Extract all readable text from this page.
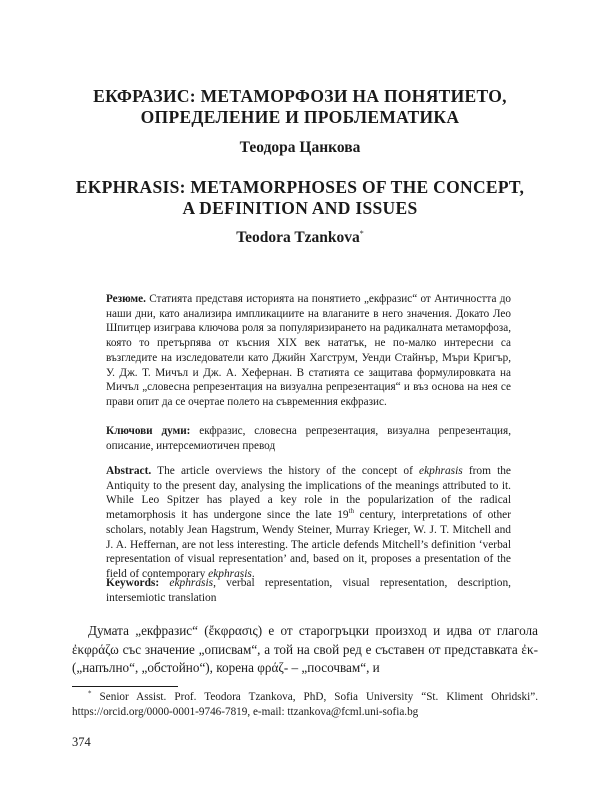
ЕКФРАЗИС: МЕТАМОРФОЗИ НА ПОНЯТИЕТО,
ОПРЕДЕЛЕНИЕ И ПРОБЛЕМАТИКА
Теодора Цанкова
EKPHRASIS: METAMORPHOSES OF THE CONCEPT,
A DEFINITION AND ISSUES
Teodora Tzankova*
Резюме. Статията представя историята на понятието „екфразис“ от Античността до наши дни, като анализира импликациите на влаганите в него значения. Докато Лео Шпитцер изиграва ключова роля за популяризирането на радикалната метаморфоза, която то претърпява от късния XIX век нататък, не по-малко интересни са възгледите на изследователи като Джийн Хагструм, Уенди Стайнър, Мъри Кригър, У. Дж. Т. Мичъл и Дж. А. Хефернан. В статията се защитава формулировката на Мичъл „словесна репрезентация на визуална репрезентация“ и въз основа на нея се прави опит да се очертае полето на съвременния екфразис.
Ключови думи: екфразис, словесна репрезентация, визуална репрезентация, описание, интерсемиотичен превод
Abstract. The article overviews the history of the concept of ekphrasis from the Antiquity to the present day, analysing the implications of the meanings attributed to it. While Leo Spitzer has played a key role in the popularization of the radical metamorphosis it has undergone since the late 19th century, interpretations of other scholars, notably Jean Hagstrum, Wendy Steiner, Murray Krieger, W. J. T. Mitchell and J. A. Heffernan, are not less interesting. The article defends Mitchell’s definition ‘verbal representation of visual representation’ and, based on it, proposes a presentation of the field of contemporary ekphrasis.
Keywords: ekphrasis, verbal representation, visual representation, description, intersemiotic translation
Думата „екфразис“ (ἔκφρασις) е от старогръцки произход и идва от глагола ἐκφράζω със значение „описвам“, а той на свой ред е съставен от представката ἐκ- („напълно“, „обстойно“), корена φράζ- – „посочвам“, и
* Senior Assist. Prof. Teodora Tzankova, PhD, Sofia University “St. Kliment Ohridski”. https://orcid.org/0000-0001-9746-7819, e-mail: ttzankova@fcml.uni-sofia.bg
374
